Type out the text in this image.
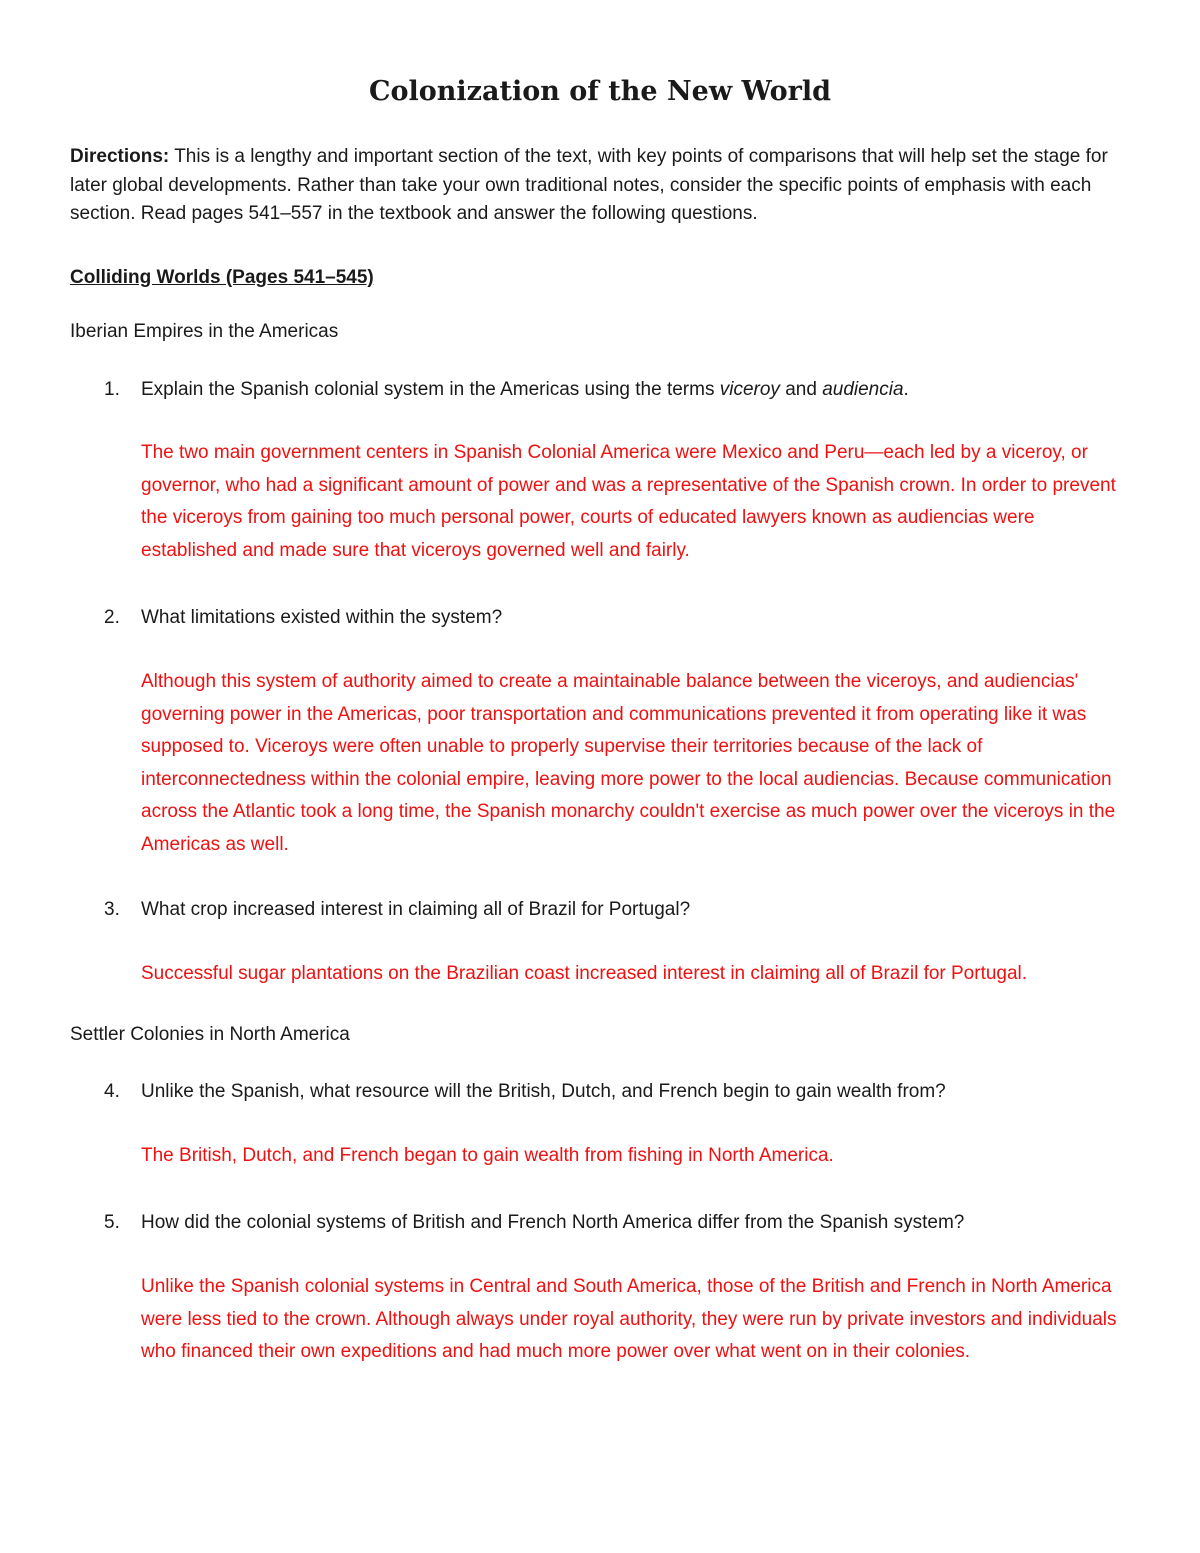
Colonization of the New World

Directions: This is a lengthy and important section of the text, with key points of comparisons that will help set the stage for later global developments. Rather than take your own traditional notes, consider the specific points of emphasis with each section. Read pages 541–557 in the textbook and answer the following questions.

Colliding Worlds (Pages 541–545)

Iberian Empires in the Americas

1.	Explain the Spanish colonial system in the Americas using the terms viceroy and audiencia.

The two main government centers in Spanish Colonial America were Mexico and Peru—each led by a viceroy, or governor, who had a significant amount of power and was a representative of the Spanish crown. In order to prevent the viceroys from gaining too much personal power, courts of educated lawyers known as audiencias were established and made sure that viceroys governed well and fairly.

2.	What limitations existed within the system?

Although this system of authority aimed to create a maintainable balance between the viceroys, and audiencias' governing power in the Americas, poor transportation and communications prevented it from operating like it was supposed to. Viceroys were often unable to properly supervise their territories because of the lack of interconnectedness within the colonial empire, leaving more power to the local audiencias. Because communication across the Atlantic took a long time, the Spanish monarchy couldn't exercise as much power over the viceroys in the Americas as well.

3.	What crop increased interest in claiming all of Brazil for Portugal?

Successful sugar plantations on the Brazilian coast increased interest in claiming all of Brazil for Portugal.

Settler Colonies in North America

4.	Unlike the Spanish, what resource will the British, Dutch, and French begin to gain wealth from?

The British, Dutch, and French began to gain wealth from fishing in North America.

5.	How did the colonial systems of British and French North America differ from the Spanish system?

Unlike the Spanish colonial systems in Central and South America, those of the British and French in North America were less tied to the crown. Although always under royal authority, they were run by private investors and individuals who financed their own expeditions and had much more power over what went on in their colonies.
